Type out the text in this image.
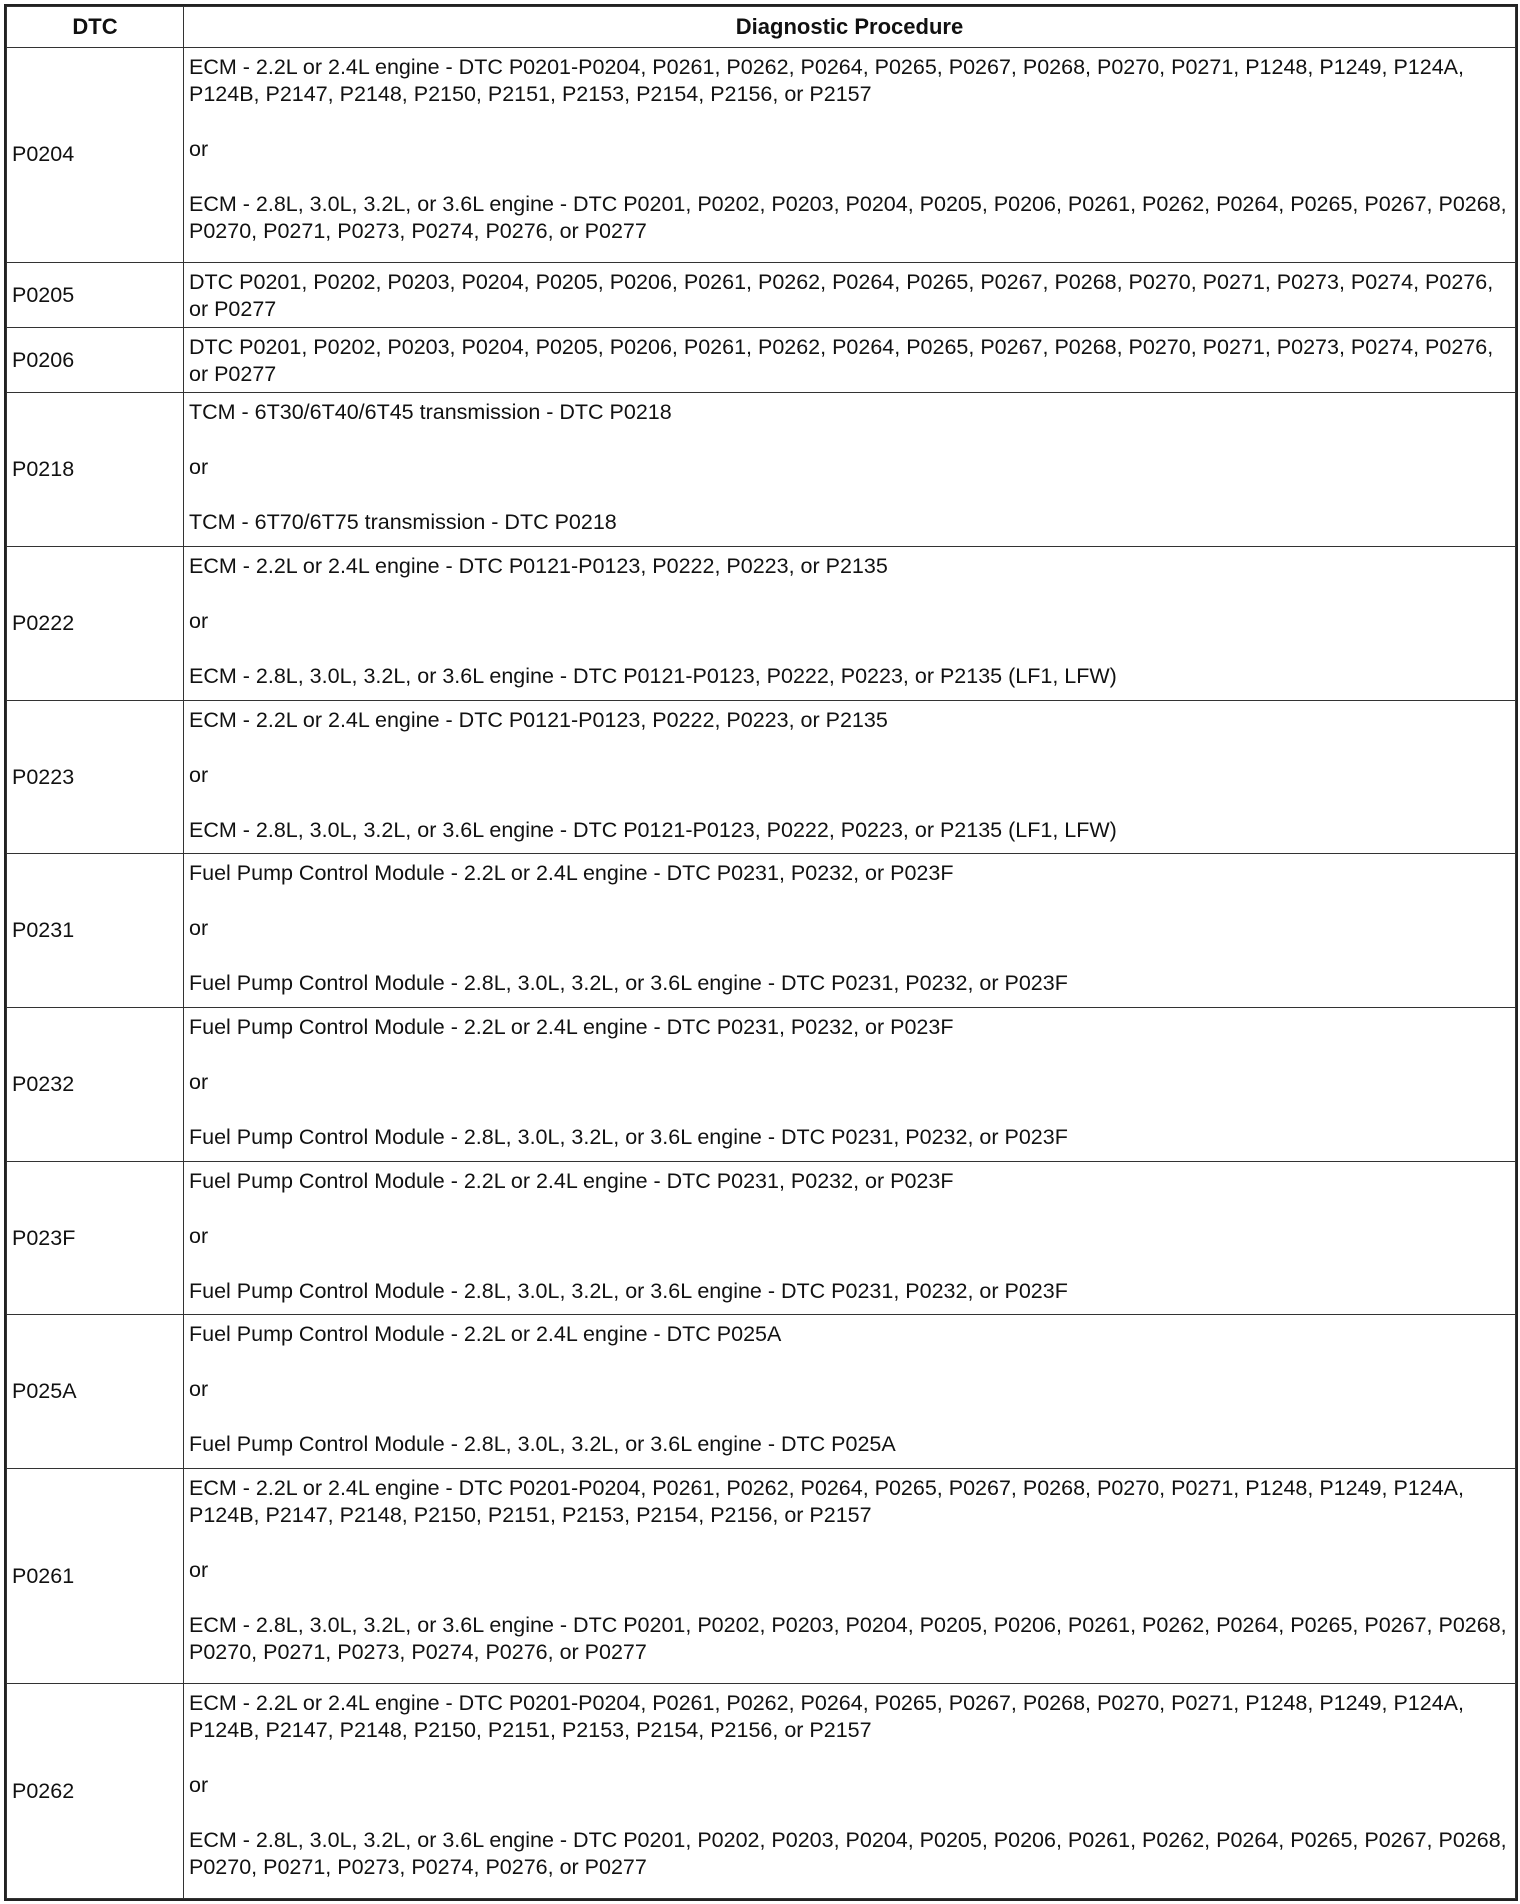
DTC	Diagnostic Procedure
P0204	ECM - 2.2L or 2.4L engine - DTC P0201-P0204, P0261, P0262, P0264, P0265, P0267, P0268, P0270, P0271, P1248, P1249, P124A, P124B, P2147, P2148, P2150, P2151, P2153, P2154, P2156, or P2157

or

ECM - 2.8L, 3.0L, 3.2L, or 3.6L engine - DTC P0201, P0202, P0203, P0204, P0205, P0206, P0261, P0262, P0264, P0265, P0267, P0268, P0270, P0271, P0273, P0274, P0276, or P0277

P0205	DTC P0201, P0202, P0203, P0204, P0205, P0206, P0261, P0262, P0264, P0265, P0267, P0268, P0270, P0271, P0273, P0274, P0276, or P0277

P0206	DTC P0201, P0202, P0203, P0204, P0205, P0206, P0261, P0262, P0264, P0265, P0267, P0268, P0270, P0271, P0273, P0274, P0276, or P0277

P0218	TCM - 6T30/6T40/6T45 transmission - DTC P0218

or

TCM - 6T70/6T75 transmission - DTC P0218

P0222	ECM - 2.2L or 2.4L engine - DTC P0121-P0123, P0222, P0223, or P2135

or

ECM - 2.8L, 3.0L, 3.2L, or 3.6L engine - DTC P0121-P0123, P0222, P0223, or P2135 (LF1, LFW)

P0223	ECM - 2.2L or 2.4L engine - DTC P0121-P0123, P0222, P0223, or P2135

or

ECM - 2.8L, 3.0L, 3.2L, or 3.6L engine - DTC P0121-P0123, P0222, P0223, or P2135 (LF1, LFW)

P0231	Fuel Pump Control Module - 2.2L or 2.4L engine - DTC P0231, P0232, or P023F

or

Fuel Pump Control Module - 2.8L, 3.0L, 3.2L, or 3.6L engine - DTC P0231, P0232, or P023F

P0232	Fuel Pump Control Module - 2.2L or 2.4L engine - DTC P0231, P0232, or P023F

or

Fuel Pump Control Module - 2.8L, 3.0L, 3.2L, or 3.6L engine - DTC P0231, P0232, or P023F

P023F	Fuel Pump Control Module - 2.2L or 2.4L engine - DTC P0231, P0232, or P023F

or

Fuel Pump Control Module - 2.8L, 3.0L, 3.2L, or 3.6L engine - DTC P0231, P0232, or P023F

P025A	Fuel Pump Control Module - 2.2L or 2.4L engine - DTC P025A

or

Fuel Pump Control Module - 2.8L, 3.0L, 3.2L, or 3.6L engine - DTC P025A

P0261	ECM - 2.2L or 2.4L engine - DTC P0201-P0204, P0261, P0262, P0264, P0265, P0267, P0268, P0270, P0271, P1248, P1249, P124A, P124B, P2147, P2148, P2150, P2151, P2153, P2154, P2156, or P2157

or

ECM - 2.8L, 3.0L, 3.2L, or 3.6L engine - DTC P0201, P0202, P0203, P0204, P0205, P0206, P0261, P0262, P0264, P0265, P0267, P0268, P0270, P0271, P0273, P0274, P0276, or P0277

P0262	ECM - 2.2L or 2.4L engine - DTC P0201-P0204, P0261, P0262, P0264, P0265, P0267, P0268, P0270, P0271, P1248, P1249, P124A, P124B, P2147, P2148, P2150, P2151, P2153, P2154, P2156, or P2157

or

ECM - 2.8L, 3.0L, 3.2L, or 3.6L engine - DTC P0201, P0202, P0203, P0204, P0205, P0206, P0261, P0262, P0264, P0265, P0267, P0268, P0270, P0271, P0273, P0274, P0276, or P0277
